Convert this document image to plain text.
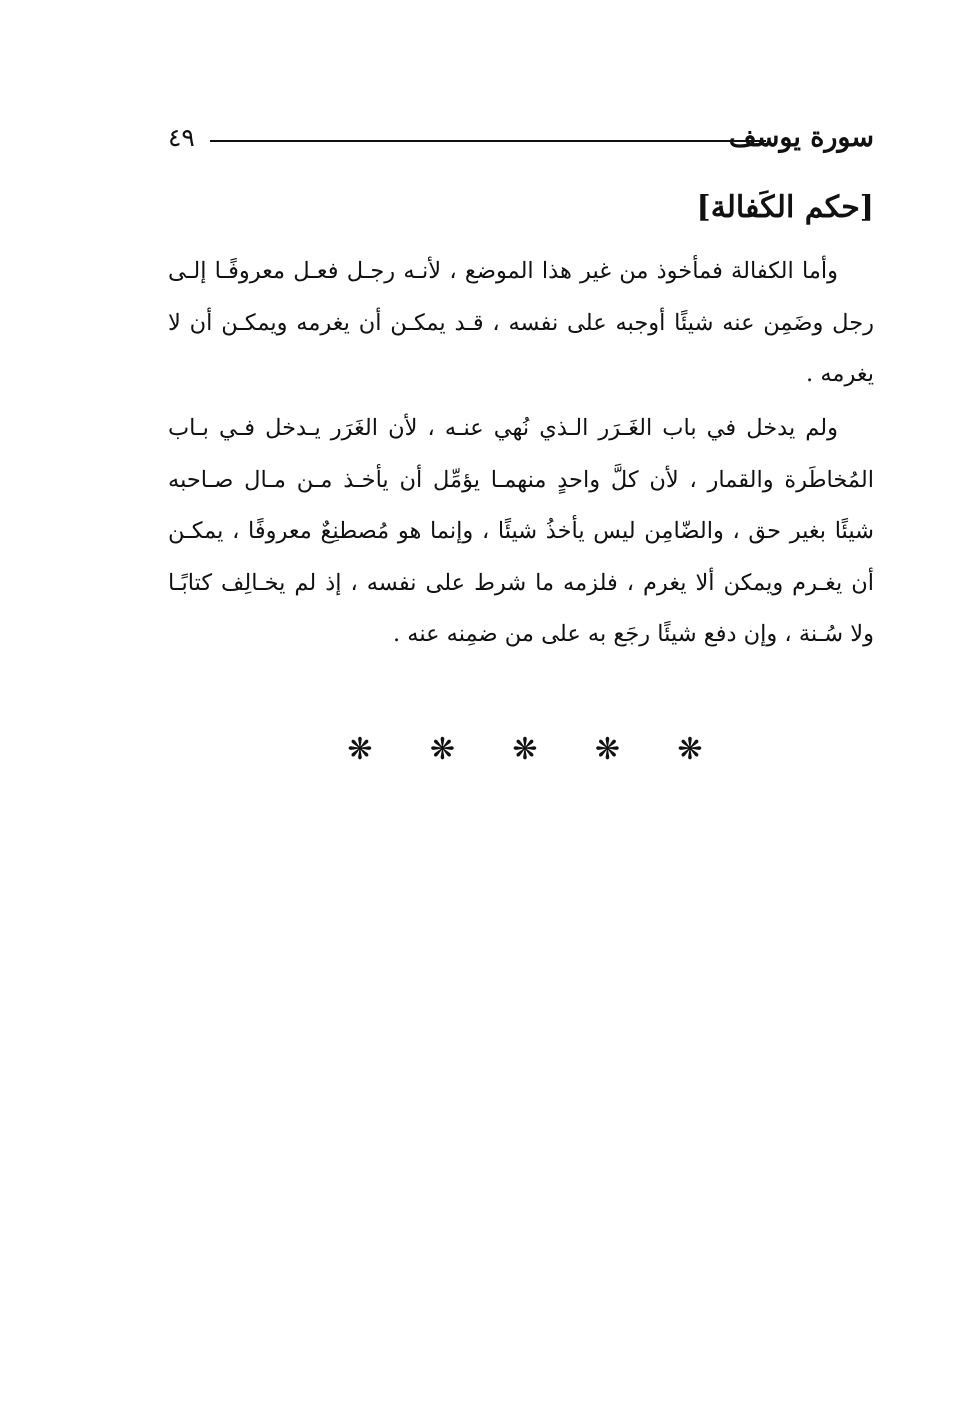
سورة يوسف
٤٩
[حكم الكَفالة]

وأما الكفالة فمأخوذ من غير هذا الموضع ، لأنـه رجـل فعـل معروفًـا إلـى رجل وضَمِن عنه شيئًا أوجبه على نفسه ، قـد يمكـن أن يغرمه ويمكـن أن لا يغرمه .

ولم يدخل في باب الغَـرَر الـذي نُهي عنـه ، لأن الغَرَر يـدخل فـي بـاب المُخاطَرة والقمار ، لأن كلَّ واحدٍ منهمـا يؤمِّل أن يأخـذ مـن مـال صـاحبه شيئًا بغير حق ، والضّامِن ليس يأخذُ شيئًا ، وإنما هو مُصطنِعٌ معروفًا ، يمكـن أن يغـرم ويمكن ألا يغرم ، فلزمه ما شرط على نفسه ، إذ لم يخـالِف كتابًـا ولا سُـنة ، وإن دفع شيئًا رجَع به على من ضمِنه عنه .

❋ ❋ ❋ ❋ ❋
